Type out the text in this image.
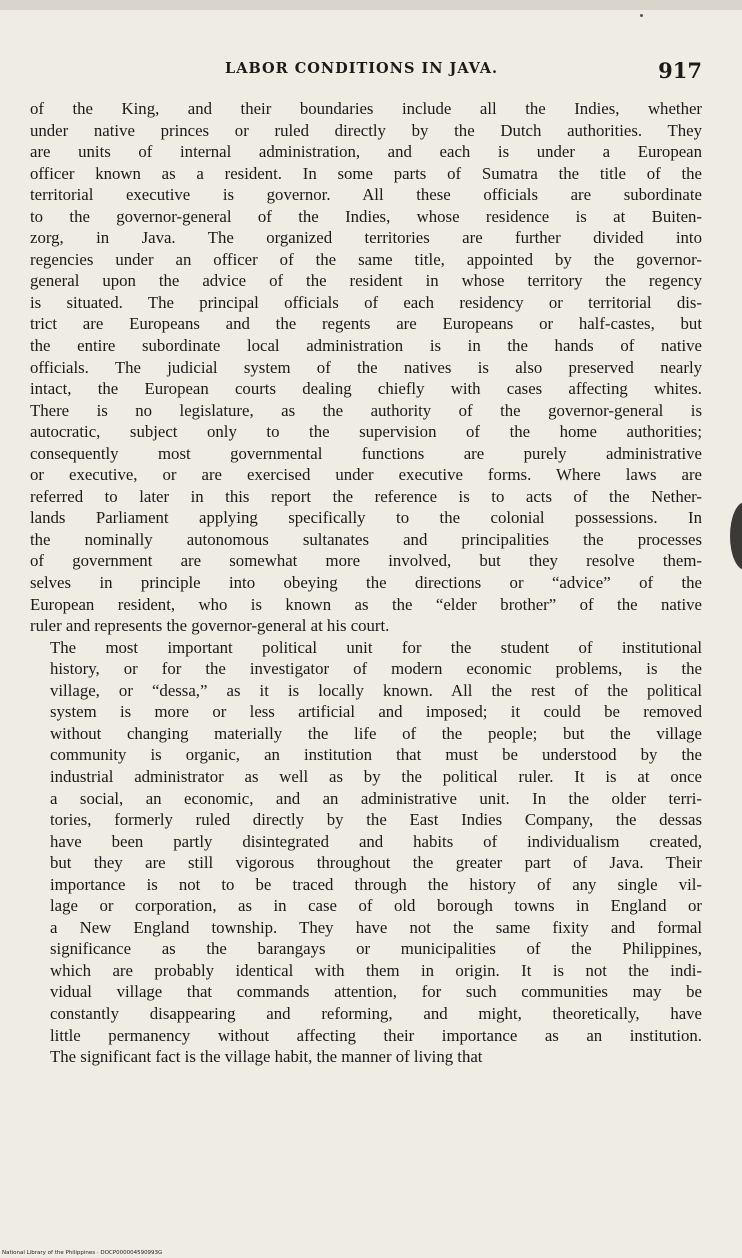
LABOR CONDITIONS IN JAVA.	917
of the King, and their boundaries include all the Indies, whether
under native princes or ruled directly by the Dutch authorities. They
are units of internal administration, and each is under a European
officer known as a resident. In some parts of Sumatra the title of the
territorial executive is governor. All these officials are subordinate
to the governor-general of the Indies, whose residence is at Buiten-
zorg, in Java. The organized territories are further divided into
regencies under an officer of the same title, appointed by the governor-
general upon the advice of the resident in whose territory the regency
is situated. The principal officials of each residency or territorial dis-
trict are Europeans and the regents are Europeans or half-castes, but
the entire subordinate local administration is in the hands of native
officials. The judicial system of the natives is also preserved nearly
intact, the European courts dealing chiefly with cases affecting whites.
There is no legislature, as the authority of the governor-general is
autocratic, subject only to the supervision of the home authorities;
consequently most governmental functions are purely administrative
or executive, or are exercised under executive forms. Where laws are
referred to later in this report the reference is to acts of the Nether-
lands Parliament applying specifically to the colonial possessions. In
the nominally autonomous sultanates and principalities the processes
of government are somewhat more involved, but they resolve them-
selves in principle into obeying the directions or “advice” of the
European resident, who is known as the “elder brother” of the native
ruler and represents the governor-general at his court.
The most important political unit for the student of institutional
history, or for the investigator of modern economic problems, is the
village, or “dessa,” as it is locally known. All the rest of the political
system is more or less artificial and imposed; it could be removed
without changing materially the life of the people; but the village
community is organic, an institution that must be understood by the
industrial administrator as well as by the political ruler. It is at once
a social, an economic, and an administrative unit. In the older terri-
tories, formerly ruled directly by the East Indies Company, the dessas
have been partly disintegrated and habits of individualism created,
but they are still vigorous throughout the greater part of Java. Their
importance is not to be traced through the history of any single vil-
lage or corporation, as in case of old borough towns in England or
a New England township. They have not the same fixity and formal
significance as the barangays or municipalities of the Philippines,
which are probably identical with them in origin. It is not the indi-
vidual village that commands attention, for such communities may be
constantly disappearing and reforming, and might, theoretically, have
little permanency without affecting their importance as an institution.
The significant fact is the village habit, the manner of living that
National Library of the Philippines · DOCP000004590993G
